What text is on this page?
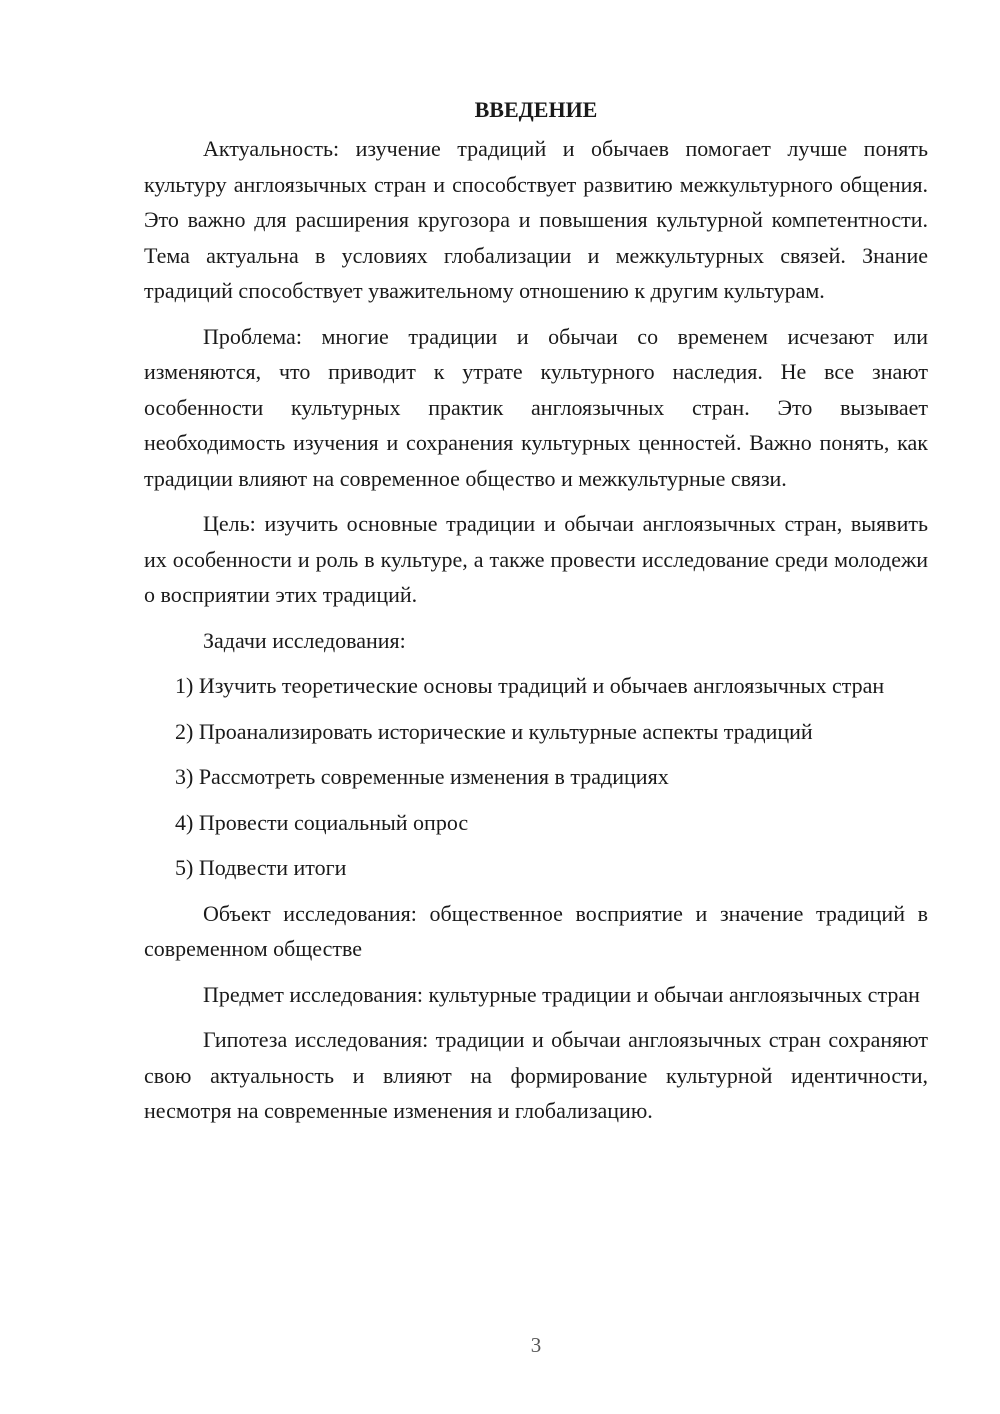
ВВЕДЕНИЕ

Актуальность: изучение традиций и обычаев помогает лучше понять культуру англоязычных стран и способствует развитию межкультурного общения. Это важно для расширения кругозора и повышения культурной компетентности. Тема актуальна в условиях глобализации и межкультурных связей. Знание традиций способствует уважительному отношению к другим культурам.

Проблема: многие традиции и обычаи со временем исчезают или изменяются, что приводит к утрате культурного наследия. Не все знают особенности культурных практик англоязычных стран. Это вызывает необходимость изучения и сохранения культурных ценностей. Важно понять, как традиции влияют на современное общество и межкультурные связи.

Цель: изучить основные традиции и обычаи англоязычных стран, выявить их особенности и роль в культуре, а также провести исследование среди молодежи о восприятии этих традиций.

Задачи исследования:

1) Изучить теоретические основы традиций и обычаев англоязычных стран

2) Проанализировать исторические и культурные аспекты традиций

3) Рассмотреть современные изменения в традициях

4) Провести социальный опрос

5) Подвести итоги

Объект исследования: общественное восприятие и значение традиций в современном обществе

Предмет исследования: культурные традиции и обычаи англоязычных стран

Гипотеза исследования: традиции и обычаи англоязычных стран сохраняют свою актуальность и влияют на формирование культурной идентичности, несмотря на современные изменения и глобализацию.

3
